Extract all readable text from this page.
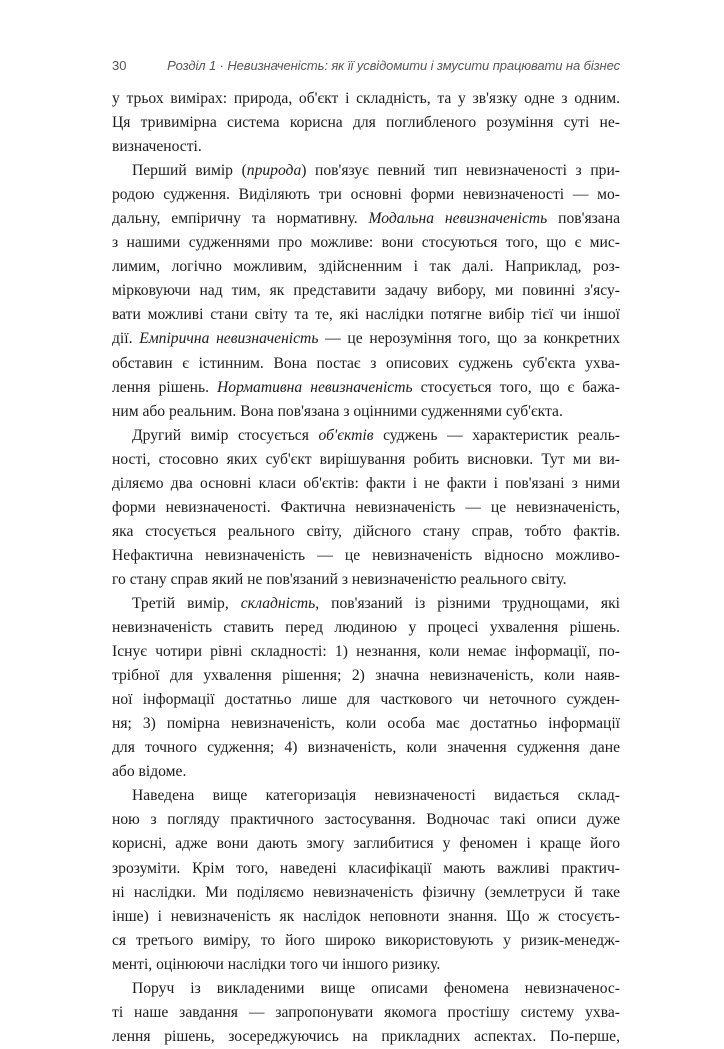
30	Розділ 1 · Невизначеність: як її усвідомити і змусити працювати на бізнес
у трьох вимірах: природа, об'єкт і складність, та у зв'язку одне з одним.
Ця тривимірна система корисна для поглибленого розуміння суті не-
визначеності.
Перший вимір (природа) пов'язує певний тип невизначеності з при-
родою судження. Виділяють три основні форми невизначеності — мо-
дальну, емпіричну та нормативну. Модальна невизначеність пов'язана
з нашими судженнями про можливе: вони стосуються того, що є мис-
лимим, логічно можливим, здійсненним і так далі. Наприклад, роз-
мірковуючи над тим, як представити задачу вибору, ми повинні з'ясу-
вати можливі стани світу та те, які наслідки потягне вибір тієї чи іншої
дії. Емпірична невизначеність — це нерозуміння того, що за конкретних
обставин є істинним. Вона постає з описових суджень суб'єкта ухва-
лення рішень. Нормативна невизначеність стосується того, що є бажа-
ним або реальним. Вона пов'язана з оцінними судженнями суб'єкта.
Другий вимір стосується об'єктів суджень — характеристик реаль-
ності, стосовно яких суб'єкт вирішування робить висновки. Тут ми ви-
діляємо два основні класи об'єктів: факти і не факти і пов'язані з ними
форми невизначеності. Фактична невизначеність — це невизначеність,
яка стосується реального світу, дійсного стану справ, тобто фактів.
Нефактична невизначеність — це невизначеність відносно можливо-
го стану справ який не пов'язаний з невизначеністю реального світу.
Третій вимір, складність, пов'язаний із різними труднощами, які
невизначеність ставить перед людиною у процесі ухвалення рішень.
Існує чотири рівні складності: 1) незнання, коли немає інформації, по-
трібної для ухвалення рішення; 2) значна невизначеність, коли наяв-
ної інформації достатньо лише для часткового чи неточного сужден-
ня; 3) помірна невизначеність, коли особа має достатньо інформації
для точного судження; 4) визначеність, коли значення судження дане
або відоме.
Наведена вище категоризація невизначеності видається склад-
ною з погляду практичного застосування. Водночас такі описи дуже
корисні, адже вони дають змогу заглибитися у феномен і краще його
зрозуміти. Крім того, наведені класифікації мають важливі практич-
ні наслідки. Ми поділяємо невизначеність фізичну (землетруси й таке
інше) і невизначеність як наслідок неповноти знання. Що ж стосуєть-
ся третього виміру, то його широко використовують у ризик-менедж-
менті, оцінюючи наслідки того чи іншого ризику.
Поруч із викладеними вище описами феномена невизначенос-
ті наше завдання — запропонувати якомога простішу систему ухва-
лення рішень, зосереджуючись на прикладних аспектах. По-перше,
